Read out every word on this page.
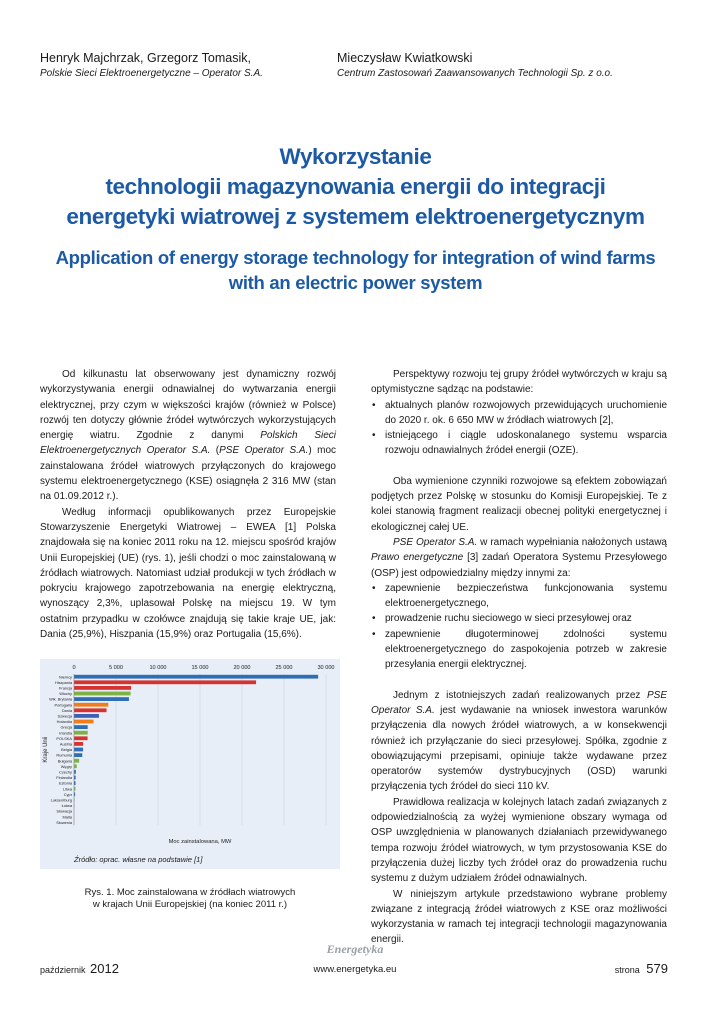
Henryk Majchrzak, Grzegorz Tomasik,
Polskie Sieci Elektroenergetyczne – Operator S.A.
Mieczysław Kwiatkowski
Centrum Zastosowań Zaawansowanych Technologii Sp. z o.o.
Wykorzystanie
technologii magazynowania energii do integracji
energetyki wiatrowej z systemem elektroenergetycznym
Application of energy storage technology for integration of wind farms
with an electric power system

Od kilkunastu lat obserwowany jest dynamiczny rozwój wykorzystywania energii odnawialnej do wytwarzania energii elektrycznej, przy czym w większości krajów (również w Polsce) rozwój ten dotyczy głównie źródeł wytwórczych wykorzystujących energię wiatru. Zgodnie z danymi Polskich Sieci Elektroenergetycznych Operator S.A. (PSE Operator S.A.) moc zainstalowana źródeł wiatrowych przyłączonych do krajowego systemu elektroenergetycznego (KSE) osiągnęła 2 316 MW (stan na 01.09.2012 r.).

Według informacji opublikowanych przez Europejskie Stowarzyszenie Energetyki Wiatrowej – EWEA [1] Polska znajdowała się na koniec 2011 roku na 12. miejscu spośród krajów Unii Europejskiej (UE) (rys. 1), jeśli chodzi o moc zainstalowaną w źródłach wiatrowych. Natomiast udział produkcji w tych źródłach w pokryciu krajowego zapotrzebowania na energię elektryczną, wynoszący 2,3%, uplasował Polskę na miejscu 19. W tym ostatnim przypadku w czołówce znajdują się takie kraje UE, jak: Dania (25,9%), Hiszpania (15,9%) oraz Portugalia (15,6%).

Perspektywy rozwoju tej grupy źródeł wytwórczych w kraju są optymistyczne sądząc na podstawie:

• aktualnych planów rozwojowych przewidujących uruchomienie do 2020 r. ok. 6 650 MW w źródłach wiatrowych [2],
• istniejącego i ciągle udoskonalanego systemu wsparcia rozwoju odnawialnych źródeł energii (OZE).

Oba wymienione czynniki rozwojowe są efektem zobowiązań podjętych przez Polskę w stosunku do Komisji Europejskiej. Te z kolei stanowią fragment realizacji obecnej polityki energetycznej i ekologicznej całej UE.

PSE Operator S.A. w ramach wypełniania nałożonych ustawą Prawo energetyczne [3] zadań Operatora Systemu Przesyłowego (OSP) jest odpowiedzialny między innymi za:

• zapewnienie bezpieczeństwa funkcjonowania systemu elektroenergetycznego,
• prowadzenie ruchu sieciowego w sieci przesyłowej oraz
• zapewnienie długoterminowej zdolności systemu elektroenergetycznego do zaspokojenia potrzeb w zakresie przesyłania energii elektrycznej.

Jednym z istotniejszych zadań realizowanych przez PSE Operator S.A. jest wydawanie na wniosek inwestora warunków przyłączenia dla nowych źródeł wiatrowych, a w konsekwencji również ich przyłączanie do sieci przesyłowej. Spółka, zgodnie z obowiązującymi przepisami, opiniuje także wydawane przez operatorów systemów dystrybucyjnych (OSD) warunki przyłączenia tych źródeł do sieci 110 kV.

Prawidłowa realizacja w kolejnych latach zadań związanych z odpowiedzialnością za wyżej wymienione obszary wymaga od OSP uwzględnienia w planowanych działaniach przewidywanego tempa rozwoju źródeł wiatrowych, w tym przystosowania KSE do przyłączenia dużej liczby tych źródeł oraz do prowadzenia ruchu systemu z dużym udziałem źródeł odnawialnych.

W niniejszym artykule przedstawiono wybrane problemy związane z integracją źródeł wiatrowych z KSE oraz możliwości wykorzystania w ramach tej integracji technologii magazynowania energii.

0	5 000	10 000	15 000	20 000	25 000	30 000
Niemcy
Hiszpania
Francja
Włochy
Wlk. Brytania
Portugalia
Dania
Szwecja
Holandia
Grecja
Irlandia
POLSKA
Austria
Belgia
Rumunia
Bułgaria
Węgry
Czechy
Finlandia
Estonia
Litwa
Cypr
Luksemburg
Łotwa
Słowacja
Malta
Słowenia
Kraje Unii
Moc zainstalowana, MW
Źródło: oprac. własne na podstawie [1]
Rys. 1. Moc zainstalowana w źródłach wiatrowych
w krajach Unii Europejskiej (na koniec 2011 r.)
Energetyka
październik 2012	www.energetyka.eu	strona 579
